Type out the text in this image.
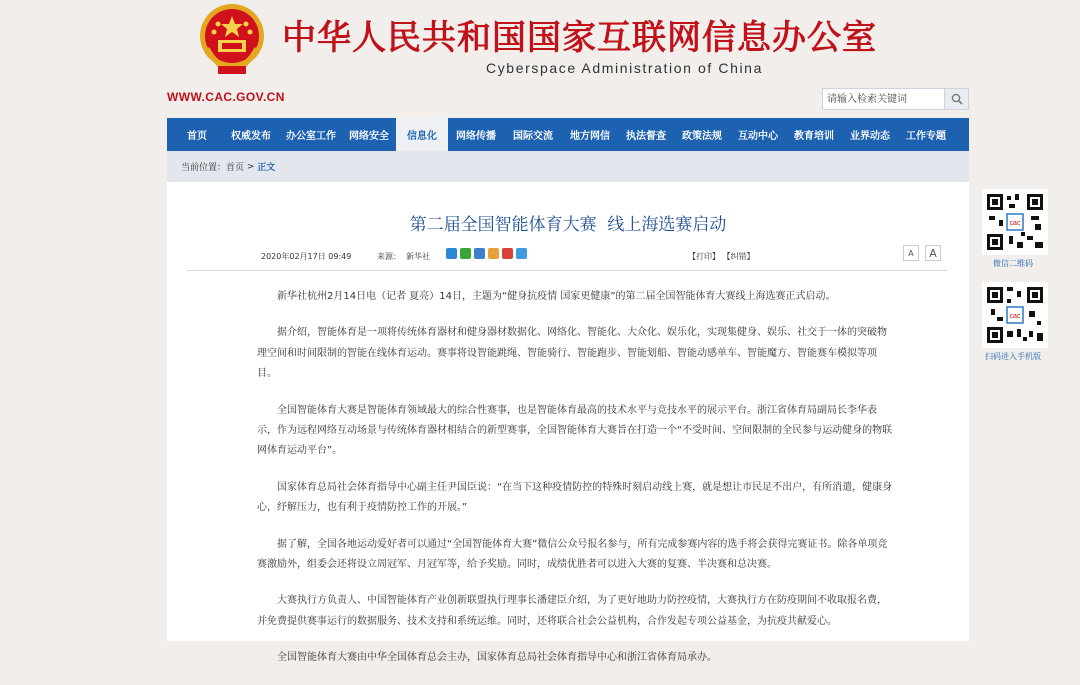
中华人民共和国国家互联网信息办公室
Cyberspace Administration of China
WWW.CAC.GOV.CN
请输入检索关键词
首页	权威发布	办公室工作	网络安全	信息化	网络传播	国际交流	地方网信	执法督查	政策法规	互动中心	教育培训	业界动态	工作专题
当前位置： 首页 > 正文
第二届全国智能体育大赛  线上海选赛启动
2020年02月17日 09:49	来源：  新华社	【打印】 【纠错】	A	A

新华社杭州2月14日电（记者 夏亮）14日，主题为“健身抗疫情 国家更健康”的第二届全国智能体育大赛线上海选赛正式启动。

据介绍，智能体育是一项将传统体育器材和健身器材数据化、网络化、智能化、大众化、娱乐化，实现集健身、娱乐、社交于一体的突破物理空间和时间限制的智能在线体育运动。赛事将设智能跳绳、智能骑行、智能跑步、智能划船、智能动感单车、智能魔方、智能赛车模拟等项目。

全国智能体育大赛是智能体育领域最大的综合性赛事，也是智能体育最高的技术水平与竞技水平的展示平台。浙江省体育局副局长李华表示，作为远程网络互动场景与传统体育器材相结合的新型赛事，全国智能体育大赛旨在打造一个“不受时间、空间限制的全民参与运动健身的物联网体育运动平台”。

国家体育总局社会体育指导中心副主任尹国臣说：“在当下这种疫情防控的特殊时刻启动线上赛，就是想让市民足不出户，有所消遣，健康身心，纾解压力，也有利于疫情防控工作的开展。”

据了解，全国各地运动爱好者可以通过“全国智能体育大赛”微信公众号报名参与，所有完成参赛内容的选手将会获得完赛证书。除各单项竞赛激励外，组委会还将设立周冠军、月冠军等，给予奖励。同时，成绩优胜者可以进入大赛的复赛、半决赛和总决赛。

大赛执行方负责人、中国智能体育产业创新联盟执行理事长潘建臣介绍，为了更好地助力防控疫情，大赛执行方在防疫期间不收取报名费，并免费提供赛事运行的数据服务、技术支持和系统运维。同时，还将联合社会公益机构，合作发起专项公益基金，为抗疫共献爱心。

全国智能体育大赛由中华全国体育总会主办，国家体育总局社会体育指导中心和浙江省体育局承办。

cac
微信二维码
cac
扫码进入手机版
